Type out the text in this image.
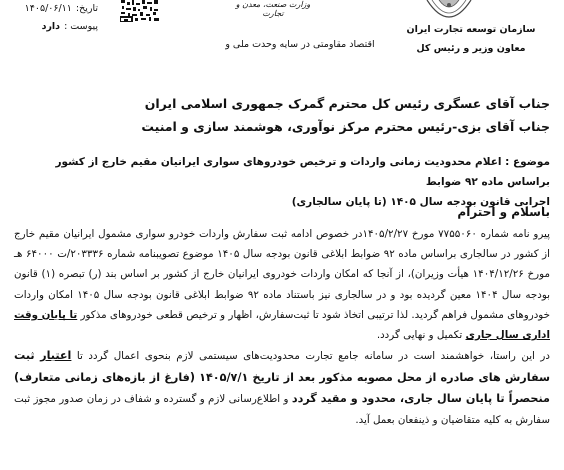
تاریخ:
۱۴۰۵/۰۶/۱۱
پیوست :
دارد
وزارت صنعت، معدن و تجارت
اقتصاد مقاومتی در سایه وحدت ملی و
سازمان توسعه تجارت ایران
معاون وزیر و رئیس کل
جناب آقای عسگری رئیس کل محترم گمرک جمهوری اسلامی ایران
جناب آقای بزی-رئیس محترم مرکز نوآوری، هوشمند سازی و امنیت
موضوع : اعلام محدودیت زمانی واردات و ترخیص خودروهای سواری ایرانیان مقیم خارج از کشور براساس ماده ۹۲ ضوابط
اجرایی قانون بودجه سال ۱۴۰۵ (تا پایان سالجاری)
باسلام و احترام

پیرو نامه شماره ۷۷۵۵۰۶۰ مورخ ۱۴۰۵/۲/۲۷در خصوص ادامه ثبت سفارش واردات خودرو سواری مشمول ایرانیان مقیم خارج از کشور در سالجاری براساس ماده ۹۲ ضوابط ابلاغی قانون بودجه سال ۱۴۰۵ موضوع تصویبنامه شماره ۲۰۳۳۳۶/ت ۶۴۰۰۰ هـ مورخ ۱۴۰۴/۱۲/۲۶ هیأت وزیران)، از آنجا که امکان واردات خودروی ایرانیان خارج از کشور بر اساس بند (ر) تبصره (۱) قانون بودجه سال ۱۴۰۴ معین گردیده بود و در سالجاری نیز باستناد ماده ۹۲ ضوابط ابلاغی قانون بودجه سال ۱۴۰۵ امکان واردات خودروهای مشمول فراهم گردید. لذا ترتیبی اتخاذ شود تا ثبت‌سفارش، اظهار و ترخیص قطعی خودروهای مذکور تا پایان وقت اداری سال جاری تکمیل و نهایی گردد.

در این راستا، خواهشمند است در سامانه جامع تجارت محدودیت‌های سیستمی لازم بنحوی اعمال گردد تا اعتبار ثبت سفارش های صادره از محل مصوبه مذکور بعد از تاریخ ۱۴۰۵/۷/۱ (فارغ از بازه‌های زمانی متعارف) منحصراً تا پایان سال جاری، محدود و مقید گردد و اطلاع‌رسانی لازم و گسترده و شفاف در زمان صدور مجوز ثبت سفارش به کلیه متقاضیان و ذینفعان بعمل آید.
